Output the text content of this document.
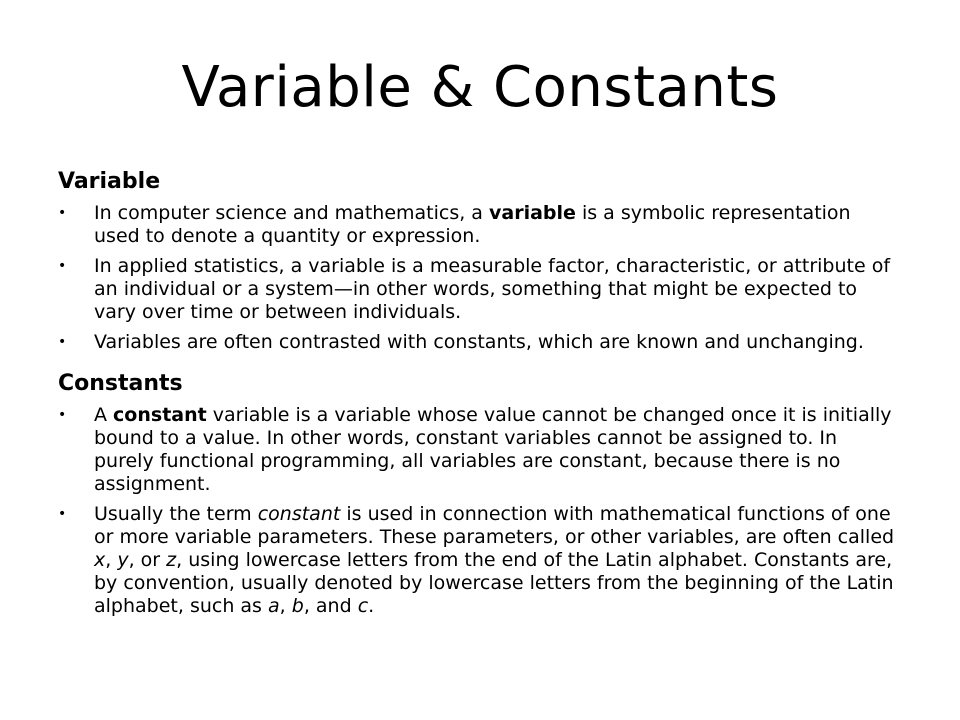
Variable & Constants
Variable
• In computer science and mathematics, a variable is a symbolic representation used to denote a quantity or expression.
• In applied statistics, a variable is a measurable factor, characteristic, or attribute of an individual or a system—in other words, something that might be expected to vary over time or between individuals.
• Variables are often contrasted with constants, which are known and unchanging.
Constants
• A constant variable is a variable whose value cannot be changed once it is initially bound to a value. In other words, constant variables cannot be assigned to. In purely functional programming, all variables are constant, because there is no assignment.
• Usually the term constant is used in connection with mathematical functions of one or more variable parameters. These parameters, or other variables, are often called x, y, or z, using lowercase letters from the end of the Latin alphabet. Constants are, by convention, usually denoted by lowercase letters from the beginning of the Latin alphabet, such as a, b, and c.
